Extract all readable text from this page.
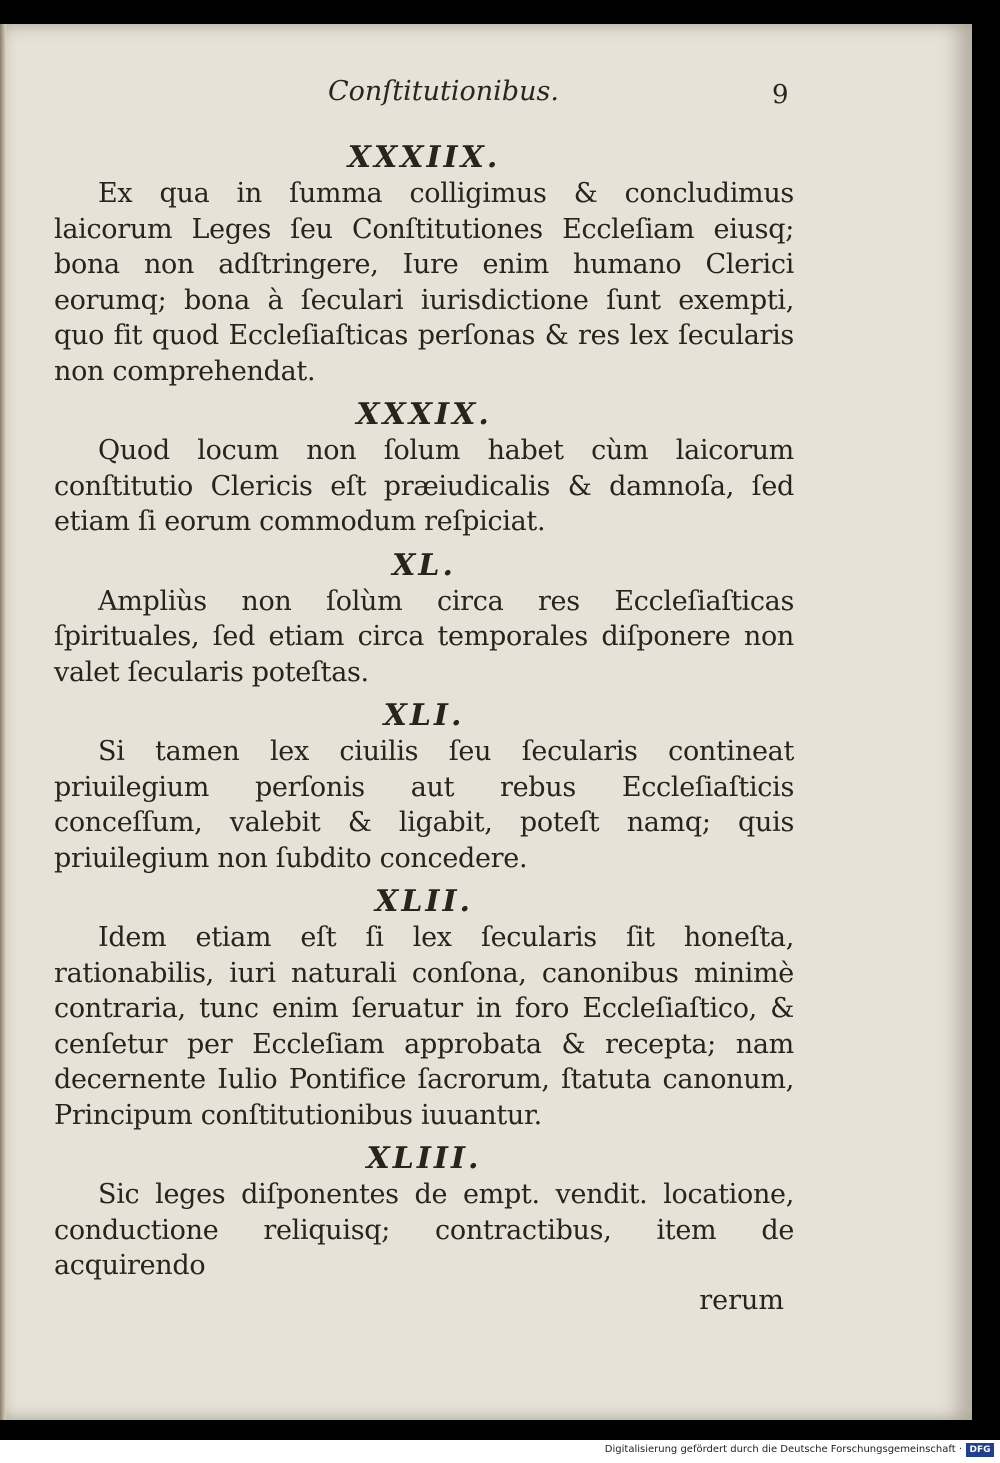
Conſtitutionibus.	9
XXXIIX.

Ex qua in ſumma colligimus & concludimus laicorum Leges ſeu Conſtitutiones Eccleſiam eiusq; bona non adſtringere, Iure enim humano Clerici eorumq; bona à ſeculari iurisdictione ſunt exempti, quo fit quod Eccleſiaſticas perſonas & res lex ſecularis non comprehendat.

XXXIX.

Quod locum non ſolum habet cùm laicorum conſtitutio Clericis eſt præiudicalis & damnoſa, ſed etiam ſi eorum commodum reſpiciat.

XL.

Ampliùs non ſolùm circa res Eccleſiaſticas ſpirituales, ſed etiam circa temporales diſponere non valet ſecularis poteſtas.

XLI.

Si tamen lex ciuilis ſeu ſecularis contineat priuilegium perſonis aut rebus Eccleſiaſticis conceſſum, valebit & ligabit, poteſt namq; quis priuilegium non ſubdito concedere.

XLII.

Idem etiam eſt ſi lex ſecularis ſit honeſta, rationabilis, iuri naturali conſona, canonibus minimè contraria, tunc enim ſeruatur in foro Eccleſiaſtico, & cenſetur per Eccleſiam approbata & recepta; nam decernente Iulio Pontifice ſacrorum, ſtatuta canonum, Principum conſtitutionibus iuuantur.

XLIII.

Sic leges diſponentes de empt. vendit. locatione, conductione reliquisq; contractibus, item de acquirendo

rerum

Digitalisierung gefördert durch die Deutsche Forschungsgemeinschaft · DFG
